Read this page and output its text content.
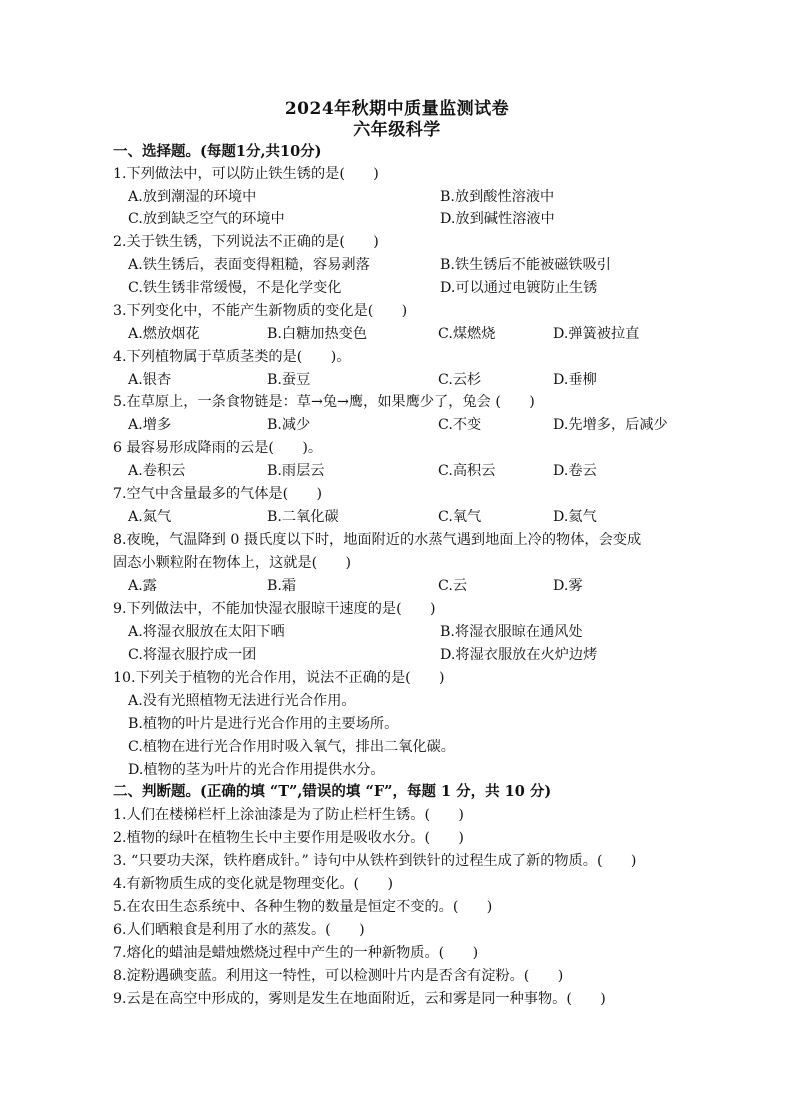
2024年秋期中质量监测试卷
六年级科学
一、选择题。(每题1分,共10分)
1.下列做法中，可以防止铁生锈的是(　　)
A.放到潮湿的环境中	B.放到酸性溶液中
C.放到缺乏空气的环境中	D.放到碱性溶液中
2.关于铁生锈，下列说法不正确的是(　　)
A.铁生锈后，表面变得粗糙，容易剥落	B.铁生锈后不能被磁铁吸引
C.铁生锈非常缓慢，不是化学变化	D.可以通过电镀防止生锈
3.下列变化中，不能产生新物质的变化是(　　)
A.燃放烟花	B.白糖加热变色	C.煤燃烧	D.弹簧被拉直
4.下列植物属于草质茎类的是(　　)。
A.银杏	B.蚕豆	C.云杉	D.垂柳
5.在草原上，一条食物链是：草→兔→鹰，如果鹰少了，兔会 (　　)
A.增多	B.减少	C.不变	D.先增多，后减少
6 最容易形成降雨的云是(　　)。
A.卷积云	B.雨层云	C.高积云	D.卷云
7.空气中含量最多的气体是(　　)
A.氮气	B.二氧化碳	C.氧气	D.氦气
8.夜晚，气温降到 0 摄氏度以下时，地面附近的水蒸气遇到地面上冷的物体，会变成
固态小颗粒附在物体上，这就是(　　)
A.露	B.霜	C.云	D.雾
9.下列做法中，不能加快湿衣服晾干速度的是(　　)
A.将湿衣服放在太阳下晒	B.将湿衣服晾在通风处
C.将湿衣服拧成一团	D.将湿衣服放在火炉边烤
10.下列关于植物的光合作用，说法不正确的是(　　)
A.没有光照植物无法进行光合作用。
B.植物的叶片是进行光合作用的主要场所。
C.植物在进行光合作用时吸入氧气，排出二氧化碳。
D.植物的茎为叶片的光合作用提供水分。
二、判断题。(正确的填 “T”,错误的填 “F”，每题 1 分，共 10 分)
1.人们在楼梯栏杆上涂油漆是为了防止栏杆生锈。(　　)
2.植物的绿叶在植物生长中主要作用是吸收水分。(　　)
3. “只要功夫深，铁杵磨成针。” 诗句中从铁杵到铁针的过程生成了新的物质。(　　)
4.有新物质生成的变化就是物理变化。(　　)
5.在农田生态系统中、各种生物的数量是恒定不变的。(　　)
6.人们晒粮食是利用了水的蒸发。(　　)
7.熔化的蜡油是蜡烛燃烧过程中产生的一种新物质。(　　)
8.淀粉遇碘变蓝。利用这一特性，可以检测叶片内是否含有淀粉。(　　)
9.云是在高空中形成的，雾则是发生在地面附近，云和雾是同一种事物。(　　)
